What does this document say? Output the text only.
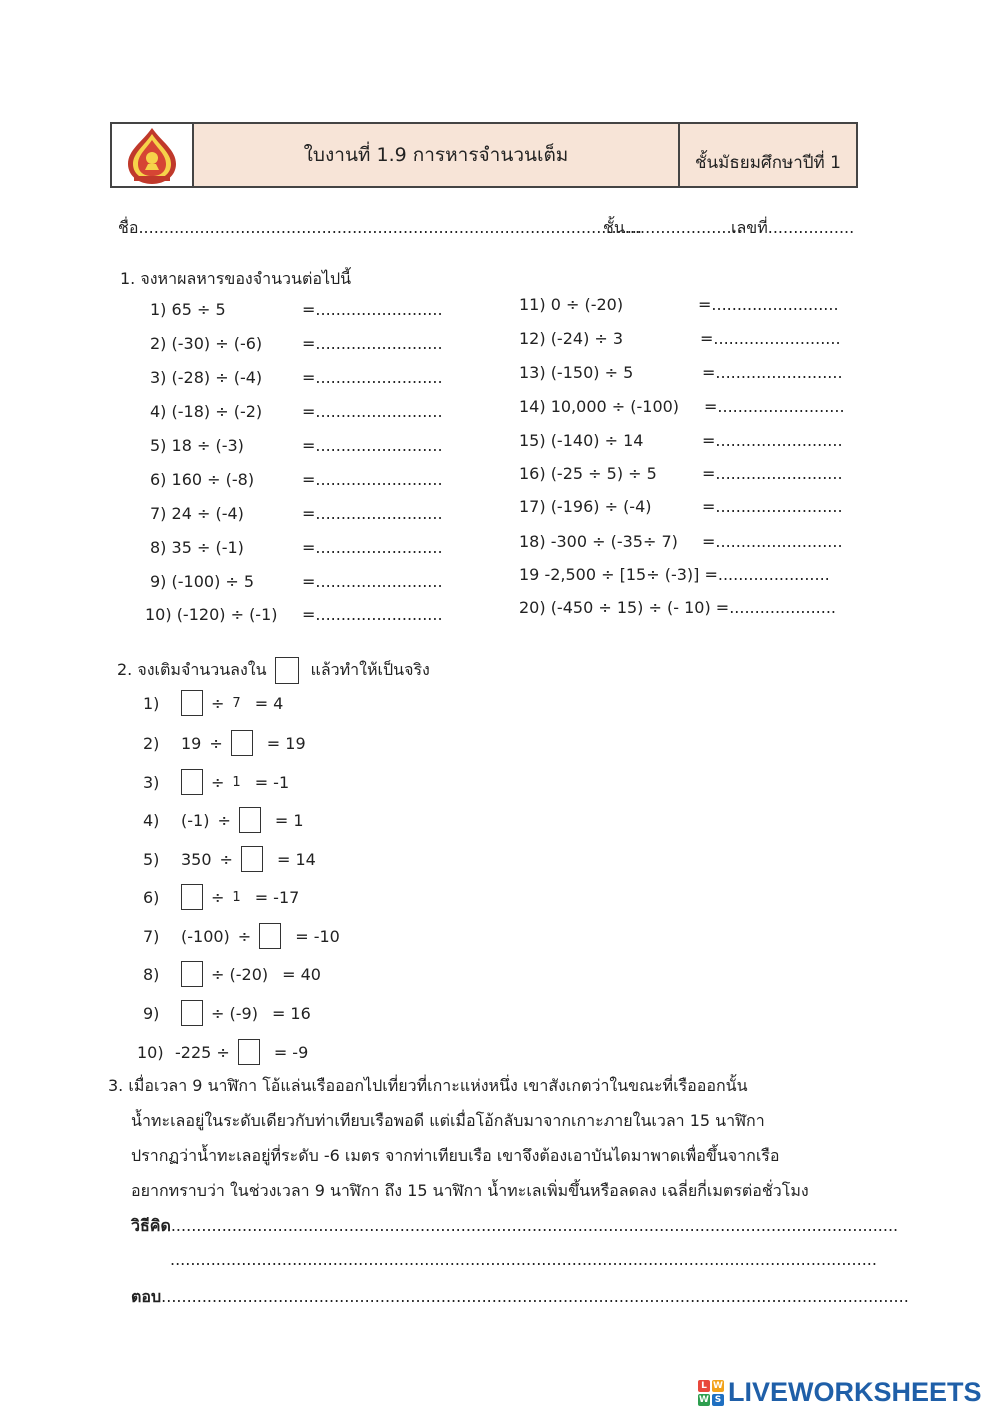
ใบงานที่ 1.9 การหารจำนวนเต็ม	ชั้นมัธยมศึกษาปีที่ 1
ชื่อ...................................................................................................
ชั้น.......................
เลขที่.................
1. จงหาผลหารของจำนวนต่อไปนี้
2. จงเติมจำนวนลงใน	แล้วทำให้เป็นจริง
3. เมื่อเวลา 9 นาฬิกา โอ้แล่นเรือออกไปเที่ยวที่เกาะแห่งหนึ่ง เขาสังเกตว่าในขณะที่เรือออกนั้น
น้ำทะเลอยู่ในระดับเดียวกับท่าเทียบเรือพอดี แต่เมื่อโอ้กลับมาจากเกาะภายในเวลา 15 นาฬิกา
ปรากฏว่าน้ำทะเลอยู่ที่ระดับ -6 เมตร จากท่าเทียบเรือ เขาจึงต้องเอาบันไดมาพาดเพื่อขึ้นจากเรือ
อยากทราบว่า ในช่วงเวลา 9 นาฬิกา ถึง 15 นาฬิกา น้ำทะเลเพิ่มขึ้นหรือลดลง เฉลี่ยกี่เมตรต่อชั่วโมง
วิธีคิด...............................................................................................................................................
...........................................................................................................................................
ตอบ...................................................................................................................................................
L W
W S LIVEWORKSHEETS
1) 65 ÷ 5	=.........................
2) (-30) ÷ (-6) =.........................
3) (-28) ÷ (-4) =.........................
4) (-18) ÷ (-2) =.........................
5) 18 ÷ (-3)	=.........................
6) 160 ÷ (-8)	=.........................
7) 24 ÷ (-4)	=.........................
8) 35 ÷ (-1)	=.........................
9) (-100) ÷ 5	=.........................
10) (-120) ÷ (-1) =.........................
11) 0 ÷ (-20)	=.........................
12) (-24) ÷ 3	=.........................
13) (-150) ÷ 5	=.........................
14) 10,000 ÷ (-100) =.........................
15) (-140) ÷ 14	=.........................
16) (-25 ÷ 5) ÷ 5	=.........................
17) (-196) ÷ (-4)	=.........................
18) -300 ÷ (-35÷ 7) =.........................
19 -2,500 ÷ [15÷ (-3)] =......................
20) (-450 ÷ 15) ÷ (- 10) =.....................
1)	÷ 7 = 4
2)	19 ÷	= 19
3)	÷ 1 = -1
4)	(-1) ÷	= 1
5)	350 ÷	= 14
6)	÷ 1 = -17
7)	(-100) ÷	= -10
8)	÷ (-20) = 40
9)	÷ (-9) = 16
10) -225 ÷	= -9
